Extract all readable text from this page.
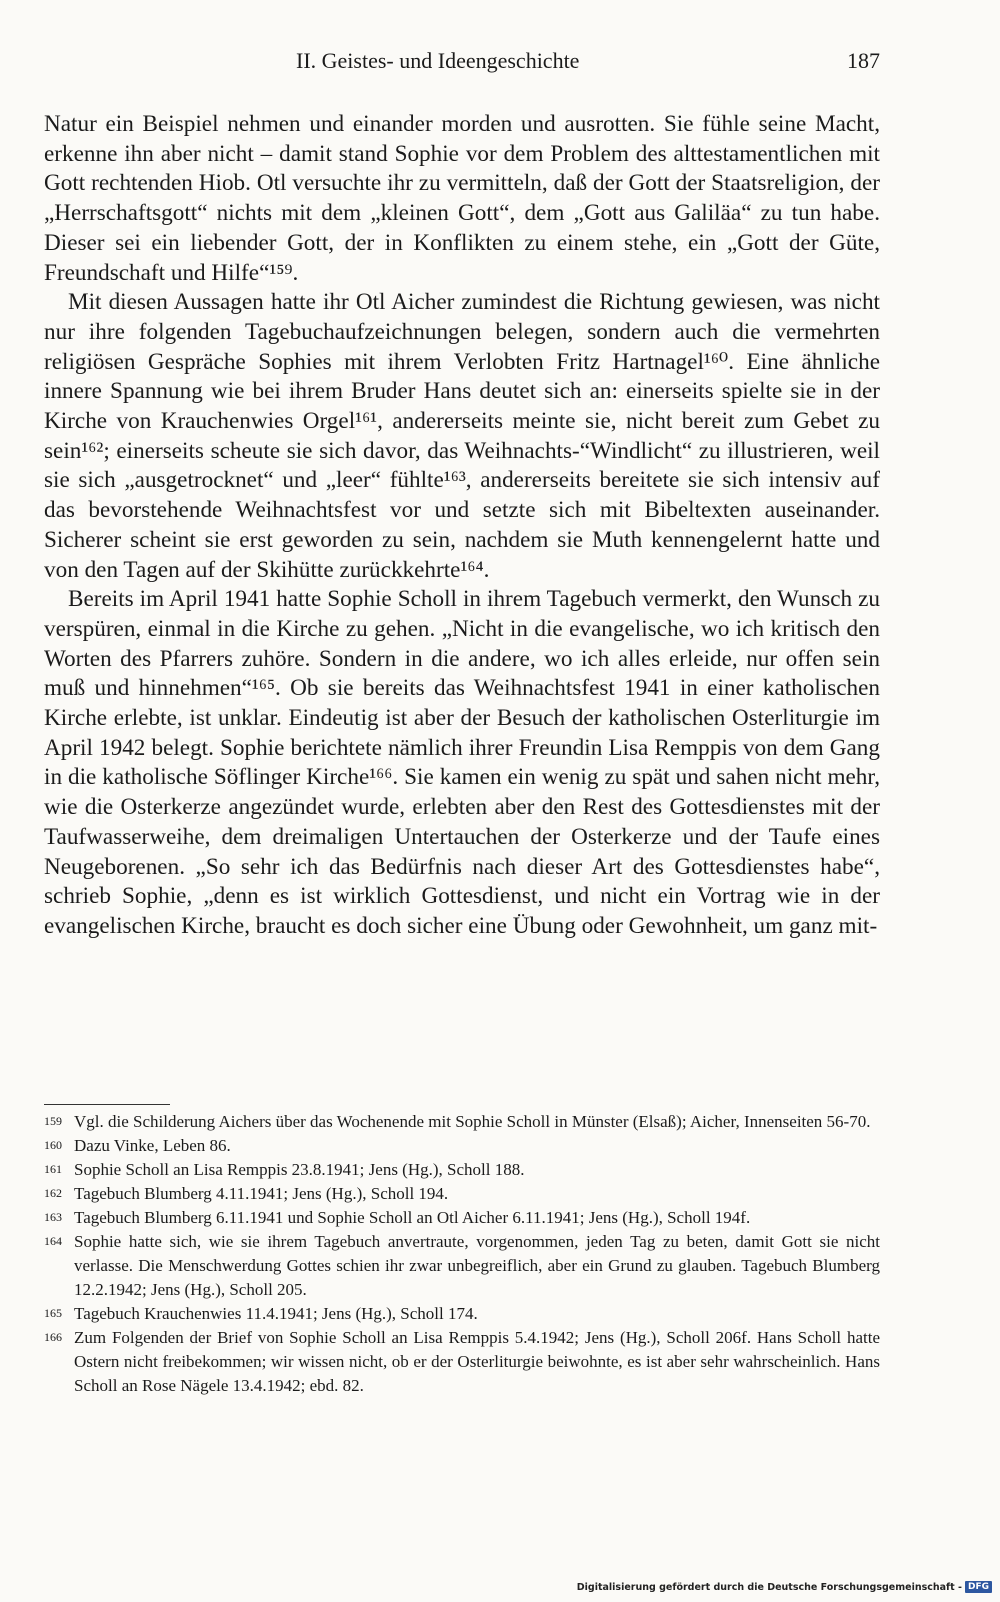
II. Geistes- und Ideengeschichte	187

Natur ein Beispiel nehmen und einander morden und ausrotten. Sie fühle seine Macht, erkenne ihn aber nicht – damit stand Sophie vor dem Problem des alttestamentlichen mit Gott rechtenden Hiob. Otl versuchte ihr zu vermitteln, daß der Gott der Staatsreligion, der „Herrschaftsgott“ nichts mit dem „kleinen Gott“, dem „Gott aus Galiläa“ zu tun habe. Dieser sei ein liebender Gott, der in Konflikten zu einem stehe, ein „Gott der Güte, Freundschaft und Hilfe“¹⁵⁹.

Mit diesen Aussagen hatte ihr Otl Aicher zumindest die Richtung gewiesen, was nicht nur ihre folgenden Tagebuchaufzeichnungen belegen, sondern auch die vermehrten religiösen Gespräche Sophies mit ihrem Verlobten Fritz Hartnagel¹⁶⁰. Eine ähnliche innere Spannung wie bei ihrem Bruder Hans deutet sich an: einerseits spielte sie in der Kirche von Krauchenwies Orgel¹⁶¹, andererseits meinte sie, nicht bereit zum Gebet zu sein¹⁶²; einerseits scheute sie sich davor, das Weihnachts-“Windlicht“ zu illustrieren, weil sie sich „ausgetrocknet“ und „leer“ fühlte¹⁶³, andererseits bereitete sie sich intensiv auf das bevorstehende Weihnachtsfest vor und setzte sich mit Bibeltexten auseinander. Sicherer scheint sie erst geworden zu sein, nachdem sie Muth kennengelernt hatte und von den Tagen auf der Skihütte zurückkehrte¹⁶⁴.

Bereits im April 1941 hatte Sophie Scholl in ihrem Tagebuch vermerkt, den Wunsch zu verspüren, einmal in die Kirche zu gehen. „Nicht in die evangelische, wo ich kritisch den Worten des Pfarrers zuhöre. Sondern in die andere, wo ich alles erleide, nur offen sein muß und hinnehmen“¹⁶⁵. Ob sie bereits das Weihnachtsfest 1941 in einer katholischen Kirche erlebte, ist unklar. Eindeutig ist aber der Besuch der katholischen Osterliturgie im April 1942 belegt. Sophie berichtete nämlich ihrer Freundin Lisa Remppis von dem Gang in die katholische Söflinger Kirche¹⁶⁶. Sie kamen ein wenig zu spät und sahen nicht mehr, wie die Osterkerze angezündet wurde, erlebten aber den Rest des Gottesdienstes mit der Taufwasserweihe, dem dreimaligen Untertauchen der Osterkerze und der Taufe eines Neugeborenen. „So sehr ich das Bedürfnis nach dieser Art des Gottesdienstes habe“, schrieb Sophie, „denn es ist wirklich Gottesdienst, und nicht ein Vortrag wie in der evangelischen Kirche, braucht es doch sicher eine Übung oder Gewohnheit, um ganz mit-

159 Vgl. die Schilderung Aichers über das Wochenende mit Sophie Scholl in Münster (Elsaß); Aicher, Innenseiten 56-70.
160 Dazu Vinke, Leben 86.
161 Sophie Scholl an Lisa Remppis 23.8.1941; Jens (Hg.), Scholl 188.
162 Tagebuch Blumberg 4.11.1941; Jens (Hg.), Scholl 194.
163 Tagebuch Blumberg 6.11.1941 und Sophie Scholl an Otl Aicher 6.11.1941; Jens (Hg.), Scholl 194f.
164 Sophie hatte sich, wie sie ihrem Tagebuch anvertraute, vorgenommen, jeden Tag zu beten, damit Gott sie nicht verlasse. Die Menschwerdung Gottes schien ihr zwar unbegreiflich, aber ein Grund zu glauben. Tagebuch Blumberg 12.2.1942; Jens (Hg.), Scholl 205.
165 Tagebuch Krauchenwies 11.4.1941; Jens (Hg.), Scholl 174.
166 Zum Folgenden der Brief von Sophie Scholl an Lisa Remppis 5.4.1942; Jens (Hg.), Scholl 206f. Hans Scholl hatte Ostern nicht freibekommen; wir wissen nicht, ob er der Osterliturgie beiwohnte, es ist aber sehr wahrscheinlich. Hans Scholl an Rose Nägele 13.4.1942; ebd. 82.
Digitalisierung gefördert durch die Deutsche Forschungsgemeinschaft - DFG
